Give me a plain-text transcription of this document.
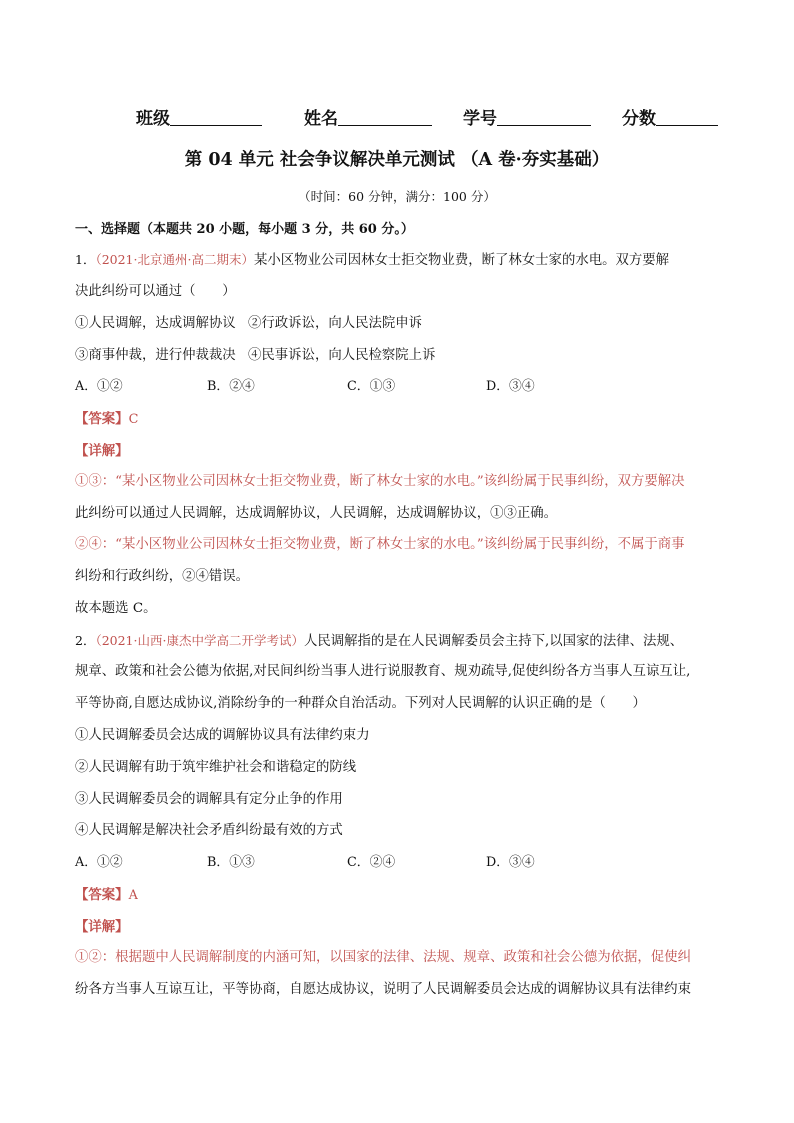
班级	姓名	学号	分数
第 04 单元 社会争议解决单元测试 （A 卷·夯实基础）
（时间：60 分钟，满分：100 分）
一、选择题（本题共 20 小题，每小题 3 分，共 60 分。）
1．（2021·北京通州·高二期末）某小区物业公司因林女士拒交物业费，断了林女士家的水电。双方要解
决此纠纷可以通过（　　）
①人民调解，达成调解协议 ②行政诉讼，向人民法院申诉
③商事仲裁，进行仲裁裁决 ④民事诉讼，向人民检察院上诉
A．①②	B．②④	C．①③	D．③④
【答案】C
【详解】
①③：“某小区物业公司因林女士拒交物业费，断了林女士家的水电。”该纠纷属于民事纠纷，双方要解决
此纠纷可以通过人民调解，达成调解协议，人民调解，达成调解协议，①③正确。
②④：“某小区物业公司因林女士拒交物业费，断了林女士家的水电。”该纠纷属于民事纠纷，不属于商事
纠纷和行政纠纷，②④错误。
故本题选 C。
2．（2021·山西·康杰中学高二开学考试）人民调解指的是在人民调解委员会主持下,以国家的法律、法规、
规章、政策和社会公德为依据,对民间纠纷当事人进行说服教育、规劝疏导,促使纠纷各方当事人互谅互让,
平等协商,自愿达成协议,消除纷争的一种群众自治活动。下列对人民调解的认识正确的是（　　）
①人民调解委员会达成的调解协议具有法律约束力
②人民调解有助于筑牢维护社会和谐稳定的防线
③人民调解委员会的调解具有定分止争的作用
④人民调解是解决社会矛盾纠纷最有效的方式
A．①②	B．①③	C．②④	D．③④
【答案】A
【详解】
①②：根据题中人民调解制度的内涵可知，以国家的法律、法规、规章、政策和社会公德为依据，促使纠
纷各方当事人互谅互让，平等协商，自愿达成协议，说明了人民调解委员会达成的调解协议具有法律约束
